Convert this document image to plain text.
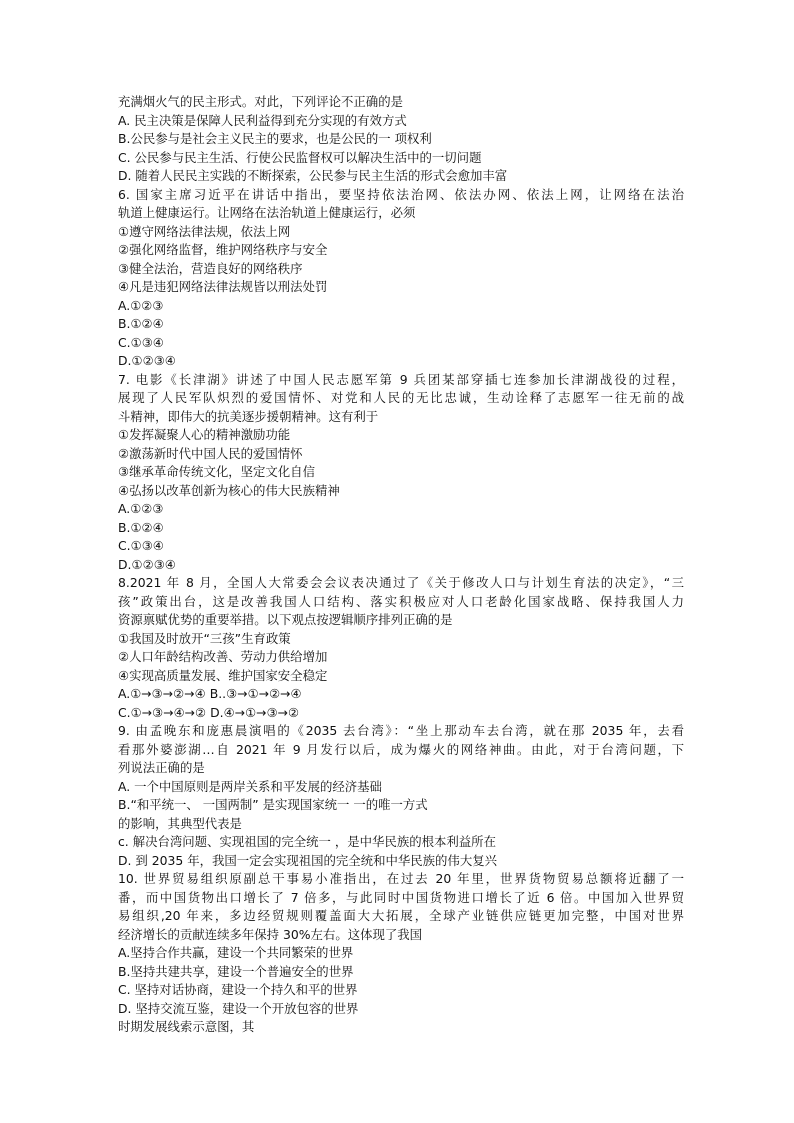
充满烟火气的民主形式。对此，下列评论不正确的是
A. 民主决策是保障人民利益得到充分实现的有效方式
B.公民参与是社会主义民主的要求，也是公民的一 项权利
C. 公民参与民主生活、行使公民监督权可以解决生活中的一切问题
D. 随着人民民主实践的不断探索，公民参与民主生活的形式会愈加丰富
6. 国家主席习近平在讲话中指出，要坚持依法治网、依法办网、依法上网，让网络在法治
轨道上健康运行。让网络在法治轨道上健康运行，必须
①遵守网络法律法规，依法上网
②强化网络监督，维护网络秩序与安全
③健全法治，营造良好的网络秩序
④凡是违犯网络法律法规皆以刑法处罚
A.①②③
B.①②④
C.①③④
D.①②③④
7. 电影《长津湖》讲述了中国人民志愿军第 9 兵团某部穿插七连参加长津湖战役的过程，
展现了人民军队炽烈的爱国情怀、对党和人民的无比忠诚，生动诠释了志愿军一往无前的战
斗精神，即伟大的抗美逐步援朝精神。这有利于
①发挥凝聚人心的精神激励功能
②激荡新时代中国人民的爱国情怀
③继承革命传统文化，坚定文化自信
④弘扬以改革创新为核心的伟大民族精神
A.①②③
B.①②④
C.①③④
D.①②③④
8.2021 年 8 月，全国人大常委会会议表决通过了《关于修改人口与计划生育法的决定》，“三
孩”政策出台，这是改善我国人口结构、落实积极应对人口老龄化国家战略、保持我国人力
资源禀赋优势的重要举措。以下观点按逻辑顺序排列正确的是
①我国及时放开“三孩”生育政策
②人口年龄结构改善、劳动力供给增加
④实现高质量发展、维护国家安全稳定
A.①→③→②→④ B..③→①→②→④
C.①→③→④→② D.④→①→③→②
9. 由孟晚东和庞惠晨演唱的《2035 去台湾》：“坐上那动车去台湾，就在那 2035 年，去看
看那外婆澎湖…自 2021 年 9 月发行以后，成为爆火的网络神曲。由此，对于台湾问题，下
列说法正确的是
A. 一个中国原则是两岸关系和平发展的经济基础
B.“和平统一、 一国两制” 是实现国家统一 一的唯一方式
的影响，其典型代表是
c. 解决台湾问题、实现祖国的完全统一 ，是中华民族的根本利益所在
D. 到 2035 年，我国一定会实现祖国的完全统和中华民族的伟大复兴
10. 世界贸易组织原副总干事易小准指出，在过去 20 年里，世界货物贸易总额将近翻了一
番，而中国货物出口增长了 7 倍多，与此同时中国货物进口增长了近 6 倍。中国加入世界贸
易组织,20 年来，多边经贸规则覆盖面大大拓展，全球产业链供应链更加完整，中国对世界
经济增长的贡献连续多年保持 30%左右。这体现了我国
A.坚持合作共赢，建设一个共同繁荣的世界
B.坚持共建共享，建设一个普遍安全的世界
C. 坚持对话协商，建设一个持久和平的世界
D. 坚持交流互鉴，建设一个开放包容的世界
时期发展线索示意图，其
